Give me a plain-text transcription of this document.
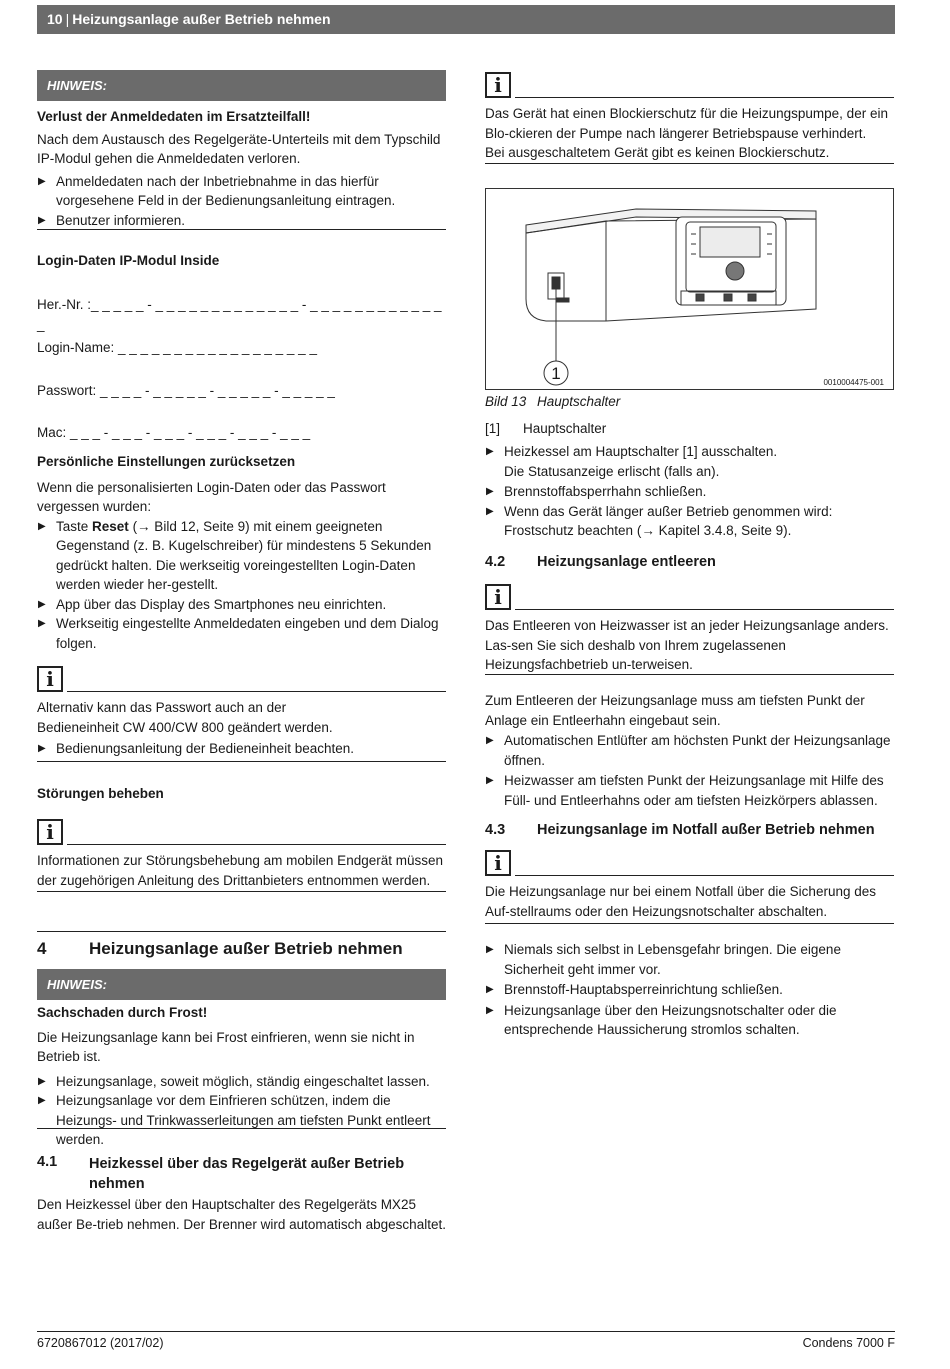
10 | Heizungsanlage außer Betrieb nehmen
HINWEIS:

Verlust der Anmeldedaten im Ersatzteilfall!

Nach dem Austausch des Regelgeräte-Unterteils mit dem Typschild IP-Modul gehen die Anmeldedaten verloren.

▶ Anmeldedaten nach der Inbetriebnahme in das hierfür vorgesehene Feld in der Bedienungsanleitung eintragen.
▶ Benutzer informieren.

Login-Daten IP-Modul Inside

Her.-Nr. :_ _ _ _ _ - _ _ _ _ _ _ _ _ _ _ _ _ _ - _ _ _ _ _ _ _ _ _ _ _ _ _

Login-Name: _ _ _ _ _ _ _ _ _ _ _ _ _ _ _ _ _ _

Passwort: _ _ _ _ - _ _ _ _ _ - _ _ _ _ _ - _ _ _ _ _

Mac: _ _ _ - _ _ _ - _ _ _ - _ _ _ - _ _ _ - _ _ _

Persönliche Einstellungen zurücksetzen

Wenn die personalisierten Login-Daten oder das Passwort vergessen wurden:

▶ Taste Reset (→ Bild 12, Seite 9) mit einem geeigneten Gegenstand (z. B. Kugelschreiber) für mindestens 5 Sekunden gedrückt halten. Die werkseitig voreingestellten Login-Daten werden wieder her-gestellt.
▶ App über das Display des Smartphones neu einrichten.
▶ Werkseitig eingestellte Anmeldedaten eingeben und dem Dialog folgen.
i

Alternativ kann das Passwort auch an der Bedieneinheit CW 400/CW 800 geändert werden.

▶ Bedienungsanleitung der Bedieneinheit beachten.

Störungen beheben

i

Informationen zur Störungsbehebung am mobilen Endgerät müssen der zugehörigen Anleitung des Drittanbieters entnommen werden.

4	Heizungsanlage außer Betrieb nehmen
HINWEIS:

Sachschaden durch Frost!

Die Heizungsanlage kann bei Frost einfrieren, wenn sie nicht in Betrieb ist.

▶ Heizungsanlage, soweit möglich, ständig eingeschaltet lassen.
▶ Heizungsanlage vor dem Einfrieren schützen, indem die Heizungs- und Trinkwasserleitungen am tiefsten Punkt entleert werden.
4.1	Heizkessel über das Regelgerät außer Betrieb nehmen

Den Heizkessel über den Hauptschalter des Regelgeräts MX25 außer Be-trieb nehmen. Der Brenner wird automatisch abgeschaltet.

i

Das Gerät hat einen Blockierschutz für die Heizungspumpe, der ein Blo-ckieren der Pumpe nach längerer Betriebspause verhindert.

Bei ausgeschaltetem Gerät gibt es keinen Blockierschutz.

1	0010004475-001

Bild 13 Hauptschalter

[1] Hauptschalter

▶ Heizkessel am Hauptschalter [1] ausschalten.

Die Statusanzeige erlischt (falls an).

▶ Brennstoffabsperrhahn schließen.
▶ Wenn das Gerät länger außer Betrieb genommen wird: Frostschutz beachten (→ Kapitel 3.4.8, Seite 9).
4.2 Heizungsanlage entleeren
i

Das Entleeren von Heizwasser ist an jeder Heizungsanlage anders. Las-sen Sie sich deshalb von Ihrem zugelassenen Heizungsfachbetrieb un-terweisen.

Zum Entleeren der Heizungsanlage muss am tiefsten Punkt der Anlage ein Entleerhahn eingebaut sein.

▶ Automatischen Entlüfter am höchsten Punkt der Heizungsanlage öffnen.
▶ Heizwasser am tiefsten Punkt der Heizungsanlage mit Hilfe des Füll- und Entleerhahns oder am tiefsten Heizkörpers ablassen.
4.3 Heizungsanlage im Notfall außer Betrieb nehmen
i

Die Heizungsanlage nur bei einem Notfall über die Sicherung des Auf-stellraums oder den Heizungsnotschalter abschalten.

▶ Niemals sich selbst in Lebensgefahr bringen. Die eigene Sicherheit geht immer vor.
▶ Brennstoff-Hauptabsperreinrichtung schließen.
▶ Heizungsanlage über den Heizungsnotschalter oder die entsprechende Haussicherung stromlos schalten.
6720867012 (2017/02)	Condens 7000 F
